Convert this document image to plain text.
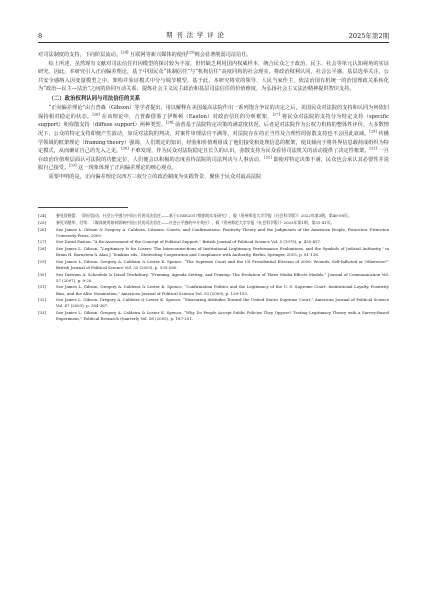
8	期 刊 法 学 评 论	2025年第2期

对司法制度的支持，下向阶层流动。[24] 互联网等新兴媒体的使用[25]则会显著削弱司法信任。

综上所述，虽然现有文献对司法信任归因模型的探讨较为丰富，但仍缺乏利用国内权威样本，统合民众之于政治、民主、社会等单元认知视角的实证研究。因此，本研究引入正向偏差理论，基于中国民众“体制信任”与“机构信任”高度同构的社会现实，将政治权利认同、社会公平感、基层选举关注、公共安全感纳入因变量模型之中，架构并验证模式中分与调节模型。基于此，本研究将党的领导、人民当家作主、依法治国有机统一的治国理政关系转化为“政治—民主—法治”之间的协同互动关系，提炼社会主义民主政治和基层司法信任的价值维度，为弘扬社会主义法治精神提供智识支持。

（二）政治权利认同与司法信任的关系

“正向偏差理论”由吉普森（Gibson）等学者提出，用以解释在美国最高法院作出一系列饱含争议的决定之后，美国民众对法院的支持和认同为何依旧保持相对稳定的状态。[26] 在该理论中，吉普森借鉴了伊斯顿（Easton）对政治信任的分析框架，[27] 将民众对法院的支持分为特定支持（specific support）和弥散支持（diffuse support）两种类型。[28] 前者基于法院特定决策的满意度状况，后者是对法院作为公权力机构的整体性评价。大多数情况下，公众的特定支持即便产生波动，如反对法院的判决，对案件审理法官不满等，对法院存在的正当性及合理性的弥散支持也不会因此衰减。[29] 传播学领域的框架理论（framing theory）强调，人们既定的知识、经验和价值观组成了他们接受和处理信息的框架，使其倾向于将外界信息载荷成组织为特定模式，从而确证自己的先入之见。[30] 不难发现，作为民众对法院稳定且长久的认识，弥散支持为民众看待司法机关的活动提供了决定性框架。[31] 一旦在政治价值观层面认可法院的功能定位，人们便会以积极的态度看待法院的司法判决与人事活动，[32] 即使对特定决策不满，民众也会承认其必要性并说服自己接受。[33] 这一现象体现了正向偏差理论的核心观点。

需要申明的是，正向偏差理论以西方三权分立的政治制度为实践背景，聚焦于民众对最高法院

[24]	参见贺晓蕾：《阶层流动、社会公平感与中国公民的司法信任——基于CGSS2017数据的实证研究》，载《贵州师范大学学报（社会科学版）》2022年第3期，第46-58页。
[25]	参见刘建华、付荣：《媒体使用如何影响中国公民的司法信任——社会公平感的中介效应》，载《贵州师范大学学报（社会科学版）》2023年第1期，第31-41页。
[26]	See James L. Gibson & Gregory A. Caldeira, Citizens, Courts, and Confirmations: Positivity Theory and the Judgments of the American People, Princeton: Princeton University Press, 2009.
[27]	See David Easton, “A Re-Assessment of the Concept of Political Support,” British Journal of Political Science Vol. 5 (1975), p. 435-457.
[28]	See James L. Gibson, “Legitimacy Is for Losers: The Interconnections of Institutional Legitimacy, Performance Evaluations, and the Symbols of Judicial Authority,” in Brian H. Bornstein & Alan J. Tomkins eds., Motivating Cooperation and Compliance with Authority, Berlin: Springer, 2015, p. 81-116.
[29]	See James L. Gibson, Gregory A. Caldeira & Lester K. Spence, “The Supreme Court and the US Presidential Election of 2000: Wounds, Self-Inflicted or Otherwise?” British Journal of Political Science Vol. 33 (2003), p. 535-556.
[30]	See Dietram A. Scheufele & David Tewksbury, “Framing, Agenda Setting, and Priming: The Evolution of Three Media Effects Models,” Journal of Communication Vol. 57 (2007), p. 9-20.
[31]	See James L. Gibson, Gregory A. Caldeira & Lester K. Spence, “Confirmation Politics and the Legitimacy of the U. S. Supreme Court: Institutional Loyalty, Positivity Bias, and the Alito Nomination,” American Journal of Political Science Vol. 53 (2009), p. 139-155.
[32]	See James L. Gibson, Gregory A. Caldeira & Lester K. Spence, “Measuring Attitudes Toward the United States Supreme Court,” American Journal of Political Science Vol. 47 (2003), p. 354-367.
[33]	See James L. Gibson, Gregory A. Caldeira & Lester K. Spence, “Why Do People Accept Public Policies They Oppose? Testing Legitimacy Theory with a Survey-Based Experiment,” Political Research Quarterly Vol. 58 (2005), p. 187-201.
